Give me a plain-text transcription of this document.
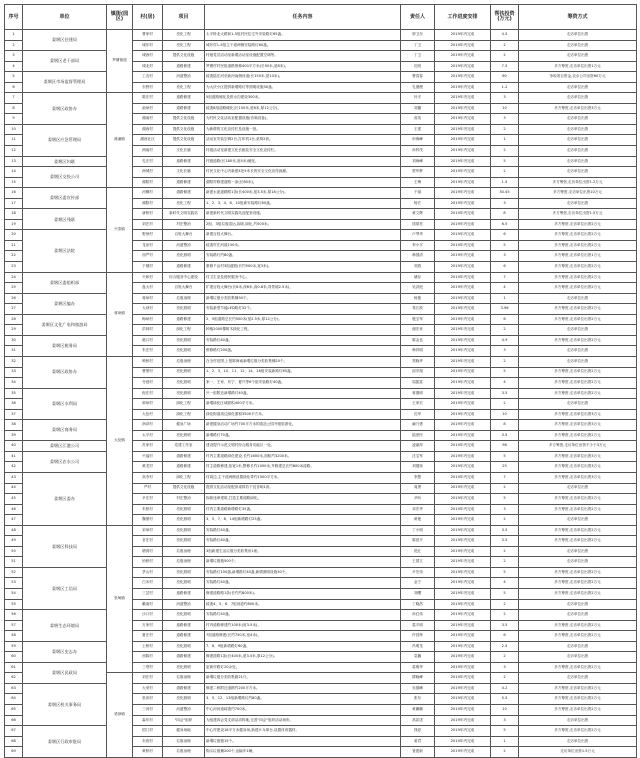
序号	单位	镇街(园区)	村(居)	项目	任务内容	责任人	工作进度安排	帮扶投资(万元)	筹资方式
1	姜堰区住建局	罗塘街道	曹家村	亮化工程	太平桥北大路和1-5组村民住宅外安装路灯65盏。	廖卫东	2019年内完成	4.5	走访单位出资
2			城东村	亮化工程	城东村1-5组主干道两侧安装路灯60盏。	丁卫	2019年内完成	2	走访单位出资
3	姜堰区老干部局		城西村	提供文化设施	村级党员活动室新增活动室设施配置空调等。	丁卫	2019年内完成	2	走访单位出资
4			城北村	道路修建	罗塘村村民组道路维修400平方米(长50米,宽8米)。	沈明	2019年内完成	7.5	多方筹资,走访单位出资1万元
5	姜堰区市场监督管理局		工农村	河道整治	疏浚陆庄河至新河南侧河道(长150米,宽10米)。	曹春春	2019年内完成	60	争取项目资金,农水公司出资60万元
6			东野村	亮化工程	为大庆小区提供新增路灯等照明设施30盏。	孔德俊	2019年内完成	1.2	走访单位出资
7	姜堰区政协办	溱潼镇	陈庄村	道路修建	5组道路硬化及排水沟建设300米。	叶平	2019年内完成	3	走访单位出资
8			俞垛村	道路修建	疏浚8组道路硬化(长150米,宽6米,厚12公分)。	刘璐	2019年内完成	10	多方筹资,走访单位出资3万元
9			湖南村	提供文化设施	为村民文化活动室配置设施(音响设备)。	高英	2019年内完成	3	走访单位出资
10	姜堰区应急管理局		湖西村	提供文化设施	为新增的文化宣传栏及设施一批。	王建	2019年内完成	2	走访单位出资
11			湖西社区	提供文化设施	活动室安装空调2台,打印机1台,桌椅2套。	申海峰	2019年内完成	1	走访单位出资
12			洲南村	文化长廊	村级活动室新建文化长廊及安全文化宣传栏。	孙梓茂	2019年内完成	2	走访单位出资
13	姜堰区妇联		孔庄村	道路修建	村级道路(长180米,宽4米)硬化。	刘海峰	2019年内完成	5	走访单位出资
14	姜堰区交投公司		洲城村	文化长廊	村民文化中心内新建4处5米长的安全文化宣传画廊。	贾华梦	2019年内完成	2	走访单位出资
15			湖阳村	道路修建	湖阳村修建道路一条(长80米)。	王梅	2019年内完成	1.5	多方筹资,走访单位出资1.2万元
16	姜堰区委宣传部	兴泰镇	河横村	道路修建	新建水泥道路路1条(长400米,宽3.5米,厚18公分)。	于丽	2019年内完成	30.45	多方筹资,走访单位出资10万元
17			湖阳村	亮化工程	1、2、3、4、8、10组新安装路灯80盏。	杨宏	2019年内完成	3	走访单位出资
18	姜堰区残联		唐桥村	新时代文明实践站	新建新时代文明实践站及配套设施。	黄文辉	2019年内完成	8	多方筹资,走访单位出资1.5万元
19			刘庄村	村庄整治	2组、3组垃圾清运,拆除,绿化,约500米。	钱厚亮	2019年内完成	6.5	多方筹资,走访单位出资2万元
20	姜堰区法院		野徐村	百姓大舞台	新建百姓大舞台。	卢琴华	2019年内完成	6	多方筹资,走访单位出资2万元
21			龙泉村	河道整治	疏浚村庄河道150米。	李小平	2019年内完成	5	多方筹资,走访单位出资2万元
22			西严村	亮化照明	安装路灯约80盏。	韩国清	2019年内完成	3	多方筹资,走访单位出资1万元
23			于楼村	道路修建	重修千亩村3组道路(长约500米,宽3米)。	刘燕	2019年内完成	6	多方筹资,走访单位出资2万元
24	姜堰区委组织部	蒋垛镇	兴和村	综合服务中心建设	村卫生室及便民服务中心。	储存	2019年内完成	7	多方筹资,走访单位出资2万元
25			盘大村	百姓大舞台	扩建百姓大舞台(长8米,深6米,高0.8米,背景墙2.5米)。	吴洪池	2019年内完成	4	多方筹资,走访单位出资2万元
26	姜堰区编办		蒋垛村	垃圾治理	新增垃圾分类收集桶30个。	杨艳	2019年内完成	1	走访单位出资
27			大坝村	亮化照明	安装新型节能LED路灯32个。	易江波	2019年内完成	3.96	多方筹资,走访单位出资2万元
28	姜堰区文化广电和旅游局		梅垛村	道路修建	2、5组道路总长约500米(宽2.5米,厚12公分)。	殷宝军	2019年内完成	6	多方筹资,走访单位出资2万元
29			洪林村	绿化工程	种植2000棵树木绿化工程。	谢宏来	2019年内完成	2	走访单位出资
30	姜堰区税务局		港口村	亮化照明	安装路灯40盏。	陈金良	2019年内完成	4.9	多方筹资,走访单位出资2万元
31			朱庄村	亮化照明	维修路灯200盏。	韩祥明	2019年内完成	3	走访单位出资
32	姜堰区政协办	大伦镇	映桥村	垃圾治理	在全村范围,上报陈海南新增垃圾分类收集桶20个。	郑晓华	2019年内完成	2	走访单位出资
33			曹堡村	亮化照明	1、2、3、10、11、12、14、16组安装新路灯65盏。	邱安翔	2019年内完成	5	多方筹资,走访单位出资2万元
34			寺巷村	亮化照明	家一、王家、东宁、夏兴等6个组安装路灯40盏。	周振富	2019年内完成	4	多方筹资,走访单位出资2万元
35	姜堰区水利局		倪庄村	亮化照明	兴一组附近新增路灯40盏。	蒋德明	2019年内完成	3.5	多方筹资,走访单位出资2万元
36			廖垛村	绿化工程	新增绿化区域面积400平方米。	王家宏	2019年内完成	2	走访单位出资
37			大伦村	绿化工程	绿化街道周边绿化面积3500平方米。	沈军	2019年内完成	10	多方筹资,走访单位出资3万元
38	姜堰区商务局		润泽村	健身广场	新建健身活动广场约700平方米的改造公园升级旅游化。	阚乃勇	2019年内完成	8	多方筹资,走访单位出资3万元
39			太平村	亮化照明	新增路灯70盏。	陆爱民	2019年内完成	3.5	多方筹资,走访单位出资2万元
40	姜堰区江港公司		苏家村	党建工作室	建设提升示范文明村综合服务功能区一处。	凌丽萍	2019年内完成	98	多方筹资,走访单位出资不少于3万元
41	姜堰区农水公司		兴福村	道路修建	村内主要道路绿化建设,长约1600米,面积约3200米。	沈宝军	2019年内完成	5	多方筹资,走访单位出资3万元
42			黄龙村	道路修建	村主道路修建,拓宽1米,整修长约1000米,并修建总长约800米道路。	刘德扬	2019年内完成	25	多方筹资,走访单位出资3万元
43	姜堰区委办		高寺村	绿化工程	村周边,主干道两侧设置绿化带约1500平方米。	李慧	2019年内完成	7	多方筹资,走访单位出资3万元
44			严村	提供文化设施	提供文化活动室配套桌椅若干及音响1套。	周勇	2019年内完成	2	走访单位出资
45			尹庄村	村庄整治	拆除违章建筑,打造主要道路绿化。	尹昕	2019年内完成	5	多方筹资,走访单位出资2万元
46			朱桥村	亮化照明	村内主要道路新增路灯35盏。	邓宏华	2019年内完成	3	多方筹资,走访单位出资2万元
47			魏堡村	亮化照明	3、5、7、8、14组新增路灯25盏。	黄艳	2019年内完成	2	走访单位出资
48	姜堰区科技局	张甸镇	宋垛村	亮化照明	安装路灯40盏。	丁小明	2019年内完成	3.5	多方筹资,走访单位出资2万元
49			官庄村	亮化照明	安装路灯40盏。	陈爱平	2019年内完成	3.5	多方筹资,走访单位出资2万元
50			塘湾村	垃圾治理	3组新建生活垃圾分类收集房1座。	范红	2019年内完成	2	走访单位出资
51			怡桥村	垃圾治理	新增垃圾箱500个。	王国文	2019年内完成	2	走访单位出资
52	姜堰区工信局		茅山村	亮化照明	安装路灯100盏,新增路灯40盏,新增照明设施30个。	尹宏伟	2019年内完成	5	多方筹资,走访单位出资2万元
53			白米村	亮化照明	安装路灯40盏。	金宁	2019年内完成	4	多方筹资,走访单位出资2万元
54			三岔村	道路修建	修建道路路1条(长约约800米)。	刘曙	2019年内完成	5	多方筹资,走访单位出资2万元
55			戴南村	河道整治	疏浚4、5、6、7组河道约800米。	丁晓昌	2019年内完成	2	走访单位出资
56	姜堰生态环境局		沙口村	亮化照明	安装路灯40盏。	孙红伟	2019年内完成	2	走访单位出资
57			万家村	道路修建	村内道路修建约100米(宽3.5米)。	葛平明	2019年内完成	3.5	多方筹资,走访单位出资2万元
58			夏庄村	道路修建	7组道路修建(长约750米,宽4米)。	许昌炜	2019年内完成	6	多方筹资,走访单位出资2万元
59	姜堰区史志办		土桥村	亮化照明	7、8、9组新增路灯60盏。	冯明龙	2019年内完成	2.5	走访单位出资
60			西陈村	道路修建	修建道路1条(长400米,宽3.5米,厚12公分)。	袁巍	2019年内完成	2	走访单位出资
61	姜堰区民政局		三塔村	亮化照明	更新村路灯20余处。	葛明华	2019年内完成	3	多方筹资,走访单位出资2万元
62		梁徐镇	刘庄村	垃圾治理	新增垃圾分类收集箱21只。	缪晓峰	2019年内完成	2	走访单位出资
63	姜堰区机关事务局		大荣村	道路修建	修建二桥附近道路约200平方米。	吴德峰	2019年内完成	4.2	多方筹资,走访单位出资2万元
64			张沐村	亮化照明	3、5、12、13组新增路灯约80盏。	张东	2019年内完成	5.5	多方筹资,走访单位出资2万元
65			三河村	河道整治	中心河河道疏浚约700米。	黄鹏鹏	2019年内完成	10	多方筹资,走访单位出资2万元
66			森东村	"四会"组织	为组建四会党支部活动阵地,完善"四会"组织活动场所。	高祁述	2019年内完成	3	走访单位出资
67	姜堰区行政审批局		国门村	健身场地	中心村建设18平方米健身场,新建乒乓球台,设置体育器材。	钱爱	2019年内完成	5	多方筹资,走访单位出资2万元
68			东府村	垃圾治理	新增垃圾箱15个。	姜君	2019年内完成	1	走访单位出资
69			黄桥村	垃圾治理	购买垃圾桶200个,运输车1辆。	管建新	2019年内完成	2	走访单位出资1.5万元
